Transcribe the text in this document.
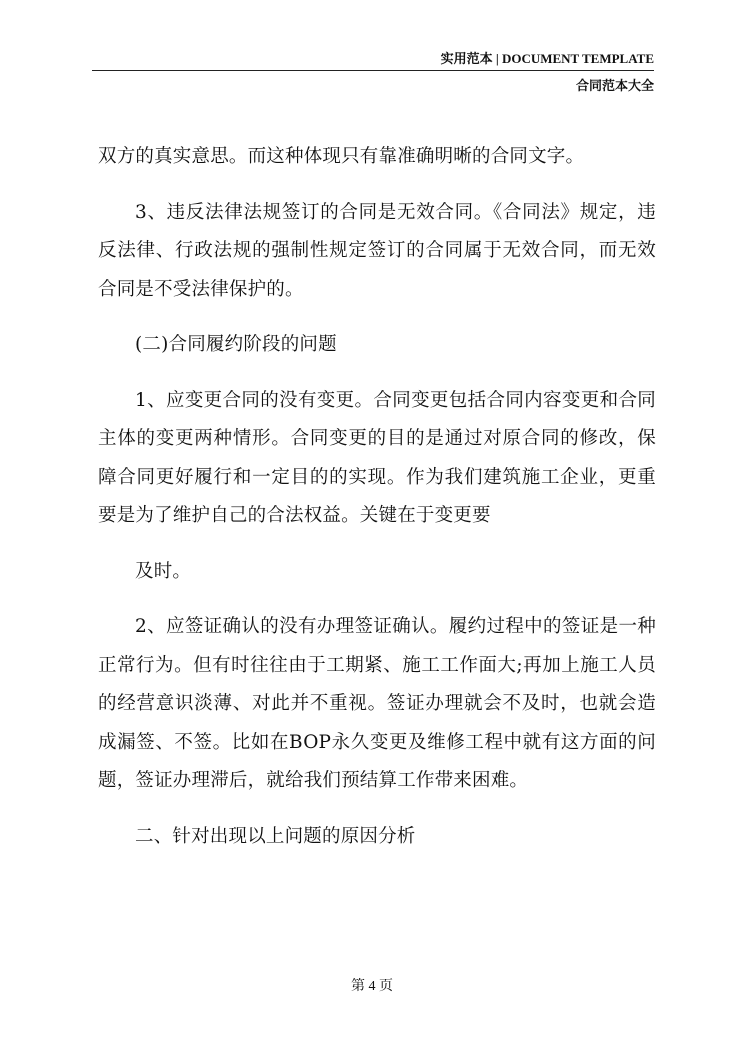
实用范本 | DOCUMENT TEMPLATE
合同范本大全

双方的真实意思。而这种体现只有靠准确明晰的合同文字。

3、违反法律法规签订的合同是无效合同。《合同法》规定，违反法律、行政法规的强制性规定签订的合同属于无效合同，而无效合同是不受法律保护的。

(二)合同履约阶段的问题

1、应变更合同的没有变更。合同变更包括合同内容变更和合同主体的变更两种情形。合同变更的目的是通过对原合同的修改，保障合同更好履行和一定目的的实现。作为我们建筑施工企业，更重要是为了维护自己的合法权益。关键在于变更要

及时。

2、应签证确认的没有办理签证确认。履约过程中的签证是一种正常行为。但有时往往由于工期紧、施工工作面大;再加上施工人员的经营意识淡薄、对此并不重视。签证办理就会不及时，也就会造成漏签、不签。比如在BOP永久变更及维修工程中就有这方面的问题，签证办理滞后，就给我们预结算工作带来困难。

二、针对出现以上问题的原因分析

第 4 页
